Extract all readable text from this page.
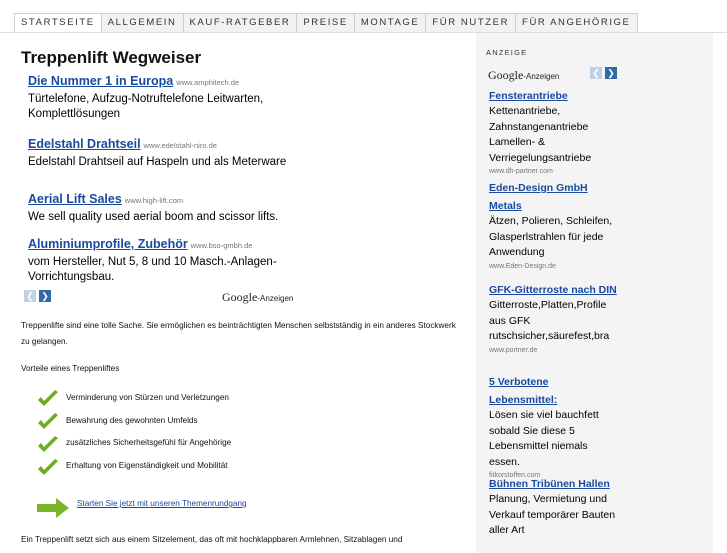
STARTSEITE	ALLGEMEIN	KAUF-RATGEBER	PREISE	MONTAGE	FÜR NUTZER	FÜR ANGEHÖRIGE
Treppenlift Wegweiser
Die Nummer 1 in Europa www.amphitech.de
Türtelefone, Aufzug-Notruftelefone Leitwarten, Komplettlösungen
Edelstahl Drahtseil www.edelstahl-niro.de
Edelstahl Drahtseil auf Haspeln und als Meterware
Aerial Lift Sales www.high-lift.com
We sell quality used aerial boom and scissor lifts.
Aluminiumprofile, Zubehör www.bso-gmbh.de
vom Hersteller, Nut 5, 8 und 10 Masch.-Anlagen-Vorrichtungsbau.
❮ ❯	Google-Anzeigen

Treppenlifte sind eine tolle Sache. Sie ermöglichen es beinträchtigten Menschen selbstständig in ein anderes Stockwerk zu gelangen.

Vorteile eines Treppenliftes

Verminderung von Stürzen und Verletzungen
Bewahrung des gewohnten Umfelds
zusätzliches Sicherheitsgefühl für Angehörige
Erhaltung von Eigenständigkeit und Mobilität
Starten Sie jetzt mit unseren Themenrundgang

Ein Treppenlift setzt sich aus einem Sitzelement, das oft mit hochklappbaren Armlehnen, Sitzablagen und

ANZEIGE
Google-Anzeigen	❮ ❯
Fensterantriebe
Kettenantriebe, Zahnstangenantriebe Lamellen- & Verriegelungsantriebe
www.dh-partner.com
Eden-Design GmbH Metals
Ätzen, Polieren, Schleifen, Glasperlstrahlen für jede Anwendung
www.Eden-Design.de
GFK-Gitterroste nach DIN
Gitterroste,Platten,Profile aus GFK rutschsicher,säurefest,bra
www.portner.de
5 Verbotene Lebensmittel:
Lösen sie viel bauchfett sobald Sie diese 5 Lebensmittel niemals essen.
fitkorstoffen.com
Bühnen Tribünen Hallen
Planung, Vermietung und Verkauf temporärer Bauten aller Art
